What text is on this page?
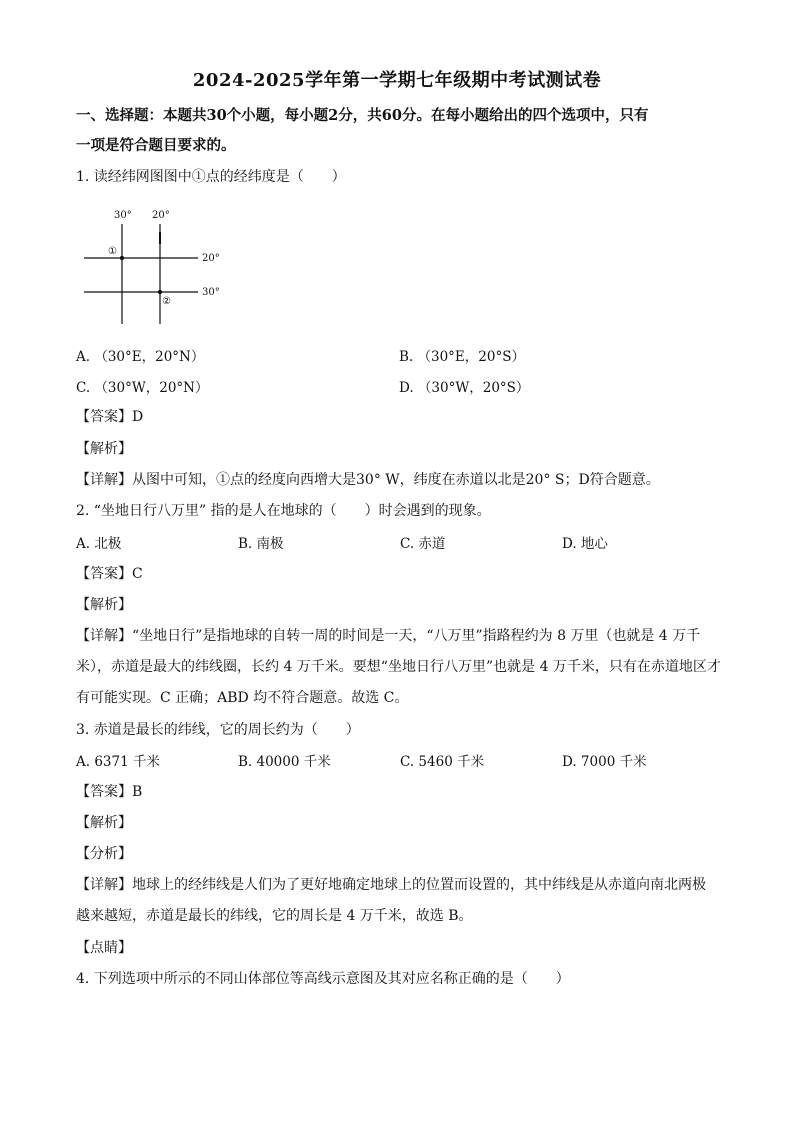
2024-2025学年第一学期七年级期中考试测试卷
一、选择题：本题共30个小题，每小题2分，共60分。在每小题给出的四个选项中，只有
一项是符合题目要求的。
1. 读经纬网图图中①点的经纬度是（　　）
30° 20°
20°
30°
①
②
A. （30°E，20°N）	B. （30°E，20°S）
C. （30°W，20°N）	D. （30°W，20°S）
【答案】D
【解析】
【详解】从图中可知，①点的经度向西增大是30° W，纬度在赤道以北是20° S；D符合题意。
2. “坐地日行八万里” 指的是人在地球的（　　）时会遇到的现象。
A. 北极	B. 南极	C. 赤道	D. 地心
【答案】C
【解析】
【详解】“坐地日行”是指地球的自转一周的时间是一天，“八万里”指路程约为 8 万里（也就是 4 万千
米），赤道是最大的纬线圈，长约 4 万千米。要想“坐地日行八万里”也就是 4 万千米，只有在赤道地区才
有可能实现。C 正确；ABD 均不符合题意。故选 C。
3. 赤道是最长的纬线，它的周长约为（　　）
A. 6371 千米	B. 40000 千米	C. 5460 千米	D. 7000 千米
【答案】B
【解析】
【分析】
【详解】地球上的经纬线是人们为了更好地确定地球上的位置而设置的，其中纬线是从赤道向南北两极
越来越短，赤道是最长的纬线，它的周长是 4 万千米，故选 B。
【点睛】
4. 下列选项中所示的不同山体部位等高线示意图及其对应名称正确的是（　　）
